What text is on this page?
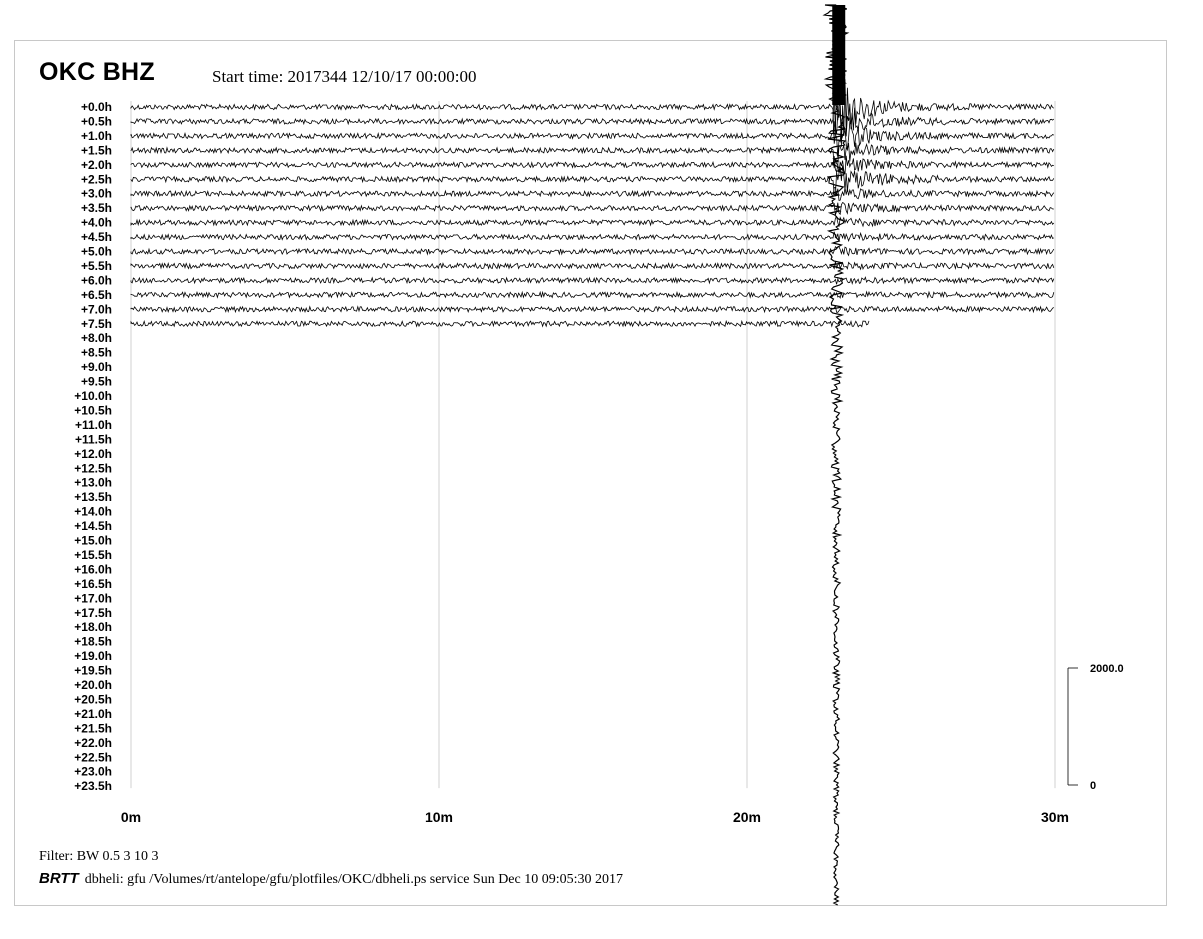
OKC BHZ	Start time: 2017344 12/10/17 00:00:00
+0.0h
+0.5h
+1.0h
+1.5h
+2.0h
+2.5h
+3.0h
+3.5h
+4.0h
+4.5h
+5.0h
+5.5h
+6.0h
+6.5h
+7.0h
+7.5h
+8.0h
+8.5h
+9.0h
+9.5h
+10.0h
+10.5h
+11.0h
+11.5h
+12.0h
+12.5h
+13.0h
+13.5h
+14.0h
+14.5h
+15.0h
+15.5h
+16.0h
+16.5h
+17.0h
+17.5h
+18.0h
+18.5h
+19.0h
+19.5h
+20.0h
+20.5h
+21.0h
+21.5h
+22.0h
+22.5h
+23.0h
+23.5h
0m	10m	20m	30m
2000.0
0
Filter: BW 0.5 3 10 3
BRTT dbheli: gfu /Volumes/rt/antelope/gfu/plotfiles/OKC/dbheli.ps service Sun Dec 10 09:05:30 2017
